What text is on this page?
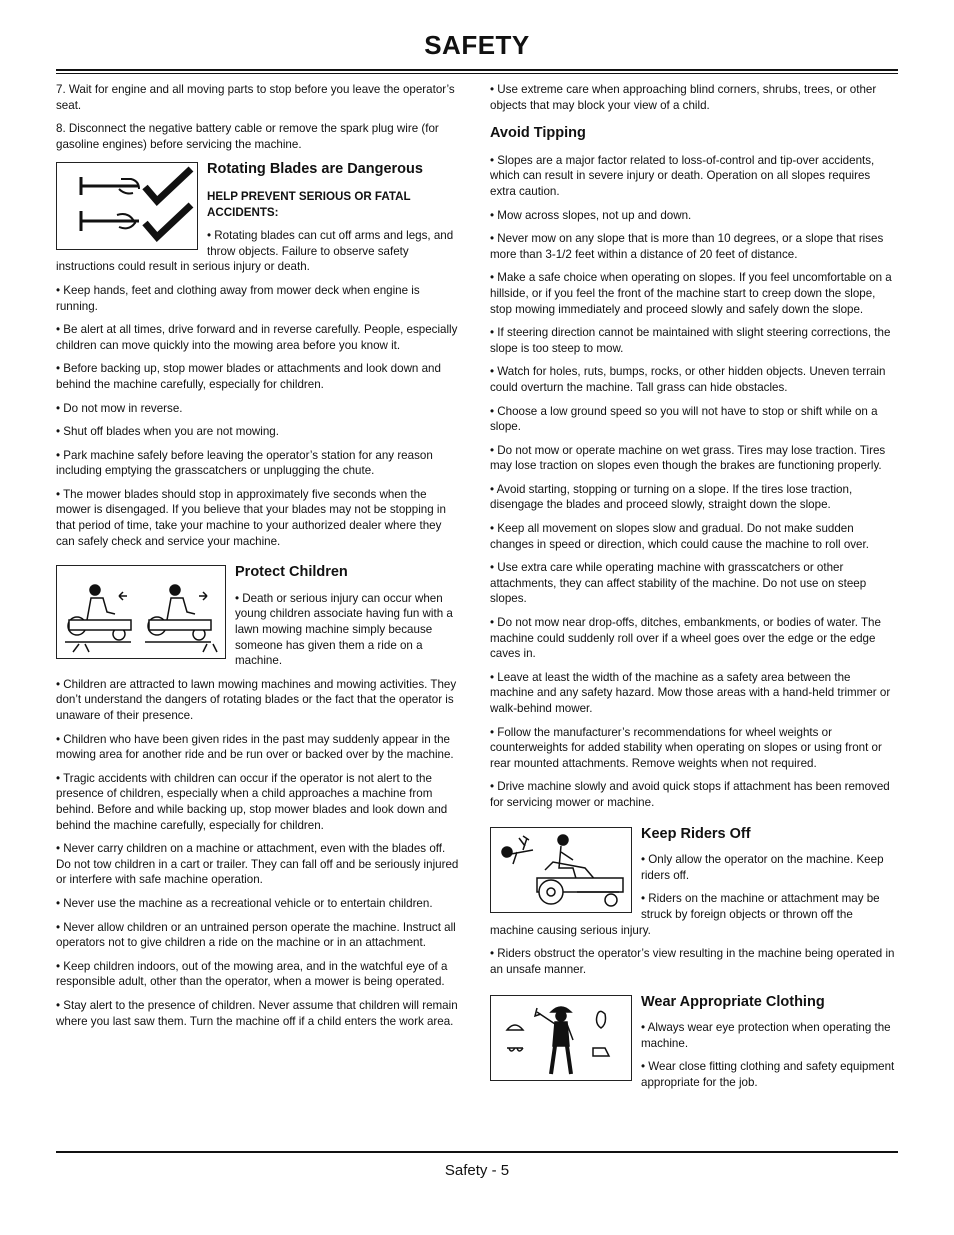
SAFETY

7. Wait for engine and all moving parts to stop before you leave the operator’s seat.

8. Disconnect the negative battery cable or remove the spark plug wire (for gasoline engines) before servicing the machine.

Rotating Blades are Dangerous
HELP PREVENT SERIOUS OR FATAL ACCIDENTS:

• Rotating blades can cut off arms and legs, and throw objects. Failure to observe safety instructions could result in serious injury or death.

• Keep hands, feet and clothing away from mower deck when engine is running.

• Be alert at all times, drive forward and in reverse carefully. People, especially children can move quickly into the mowing area before you know it.

• Before backing up, stop mower blades or attachments and look down and behind the machine carefully, especially for children.

• Do not mow in reverse.

• Shut off blades when you are not mowing.

• Park machine safely before leaving the operator’s station for any reason including emptying the grasscatchers or unplugging the chute.

• The mower blades should stop in approximately five seconds when the mower is disengaged. If you believe that your blades may not be stopping in that period of time, take your machine to your authorized dealer where they can safely check and service your machine.

Protect Children

• Death or serious injury can occur when young children associate having fun with a lawn mowing machine simply because someone has given them a ride on a machine.

• Children are attracted to lawn mowing machines and mowing activities. They don’t understand the dangers of rotating blades or the fact that the operator is unaware of their presence.

• Children who have been given rides in the past may suddenly appear in the mowing area for another ride and be run over or backed over by the machine.

• Tragic accidents with children can occur if the operator is not alert to the presence of children, especially when a child approaches a machine from behind. Before and while backing up, stop mower blades and look down and behind the machine carefully, especially for children.

• Never carry children on a machine or attachment, even with the blades off. Do not tow children in a cart or trailer. They can fall off and be seriously injured or interfere with safe machine operation.

• Never use the machine as a recreational vehicle or to entertain children.

• Never allow children or an untrained person operate the machine. Instruct all operators not to give children a ride on the machine or in an attachment.

• Keep children indoors, out of the mowing area, and in the watchful eye of a responsible adult, other than the operator, when a mower is being operated.

• Stay alert to the presence of children. Never assume that children will remain where you last saw them. Turn the machine off if a child enters the work area.

• Use extreme care when approaching blind corners, shrubs, trees, or other objects that may block your view of a child.

Avoid Tipping

• Slopes are a major factor related to loss-of-control and tip-over accidents, which can result in severe injury or death. Operation on all slopes requires extra caution.

• Mow across slopes, not up and down.

• Never mow on any slope that is more than 10 degrees, or a slope that rises more than 3-1/2 feet within a distance of 20 feet of distance.

• Make a safe choice when operating on slopes. If you feel uncomfortable on a hillside, or if you feel the front of the machine start to creep down the slope, stop mowing immediately and proceed slowly and safely down the slope.

• If steering direction cannot be maintained with slight steering corrections, the slope is too steep to mow.

• Watch for holes, ruts, bumps, rocks, or other hidden objects. Uneven terrain could overturn the machine. Tall grass can hide obstacles.

• Choose a low ground speed so you will not have to stop or shift while on a slope.

• Do not mow or operate machine on wet grass. Tires may lose traction. Tires may lose traction on slopes even though the brakes are functioning properly.

• Avoid starting, stopping or turning on a slope. If the tires lose traction, disengage the blades and proceed slowly, straight down the slope.

• Keep all movement on slopes slow and gradual. Do not make sudden changes in speed or direction, which could cause the machine to roll over.

• Use extra care while operating machine with grasscatchers or other attachments, they can affect stability of the machine. Do not use on steep slopes.

• Do not mow near drop-offs, ditches, embankments, or bodies of water. The machine could suddenly roll over if a wheel goes over the edge or the edge caves in.

• Leave at least the width of the machine as a safety area between the machine and any safety hazard. Mow those areas with a hand-held trimmer or walk-behind mower.

• Follow the manufacturer’s recommendations for wheel weights or counterweights for added stability when operating on slopes or using front or rear mounted attachments. Remove weights when not required.

• Drive machine slowly and avoid quick stops if attachment has been removed for servicing mower or machine.

Keep Riders Off

• Only allow the operator on the machine. Keep riders off.

• Riders on the machine or attachment may be struck by foreign objects or thrown off the machine causing serious injury.

• Riders obstruct the operator’s view resulting in the machine being operated in an unsafe manner.

Wear Appropriate Clothing

• Always wear eye protection when operating the machine.

• Wear close fitting clothing and safety equipment appropriate for the job.

Safety - 5
